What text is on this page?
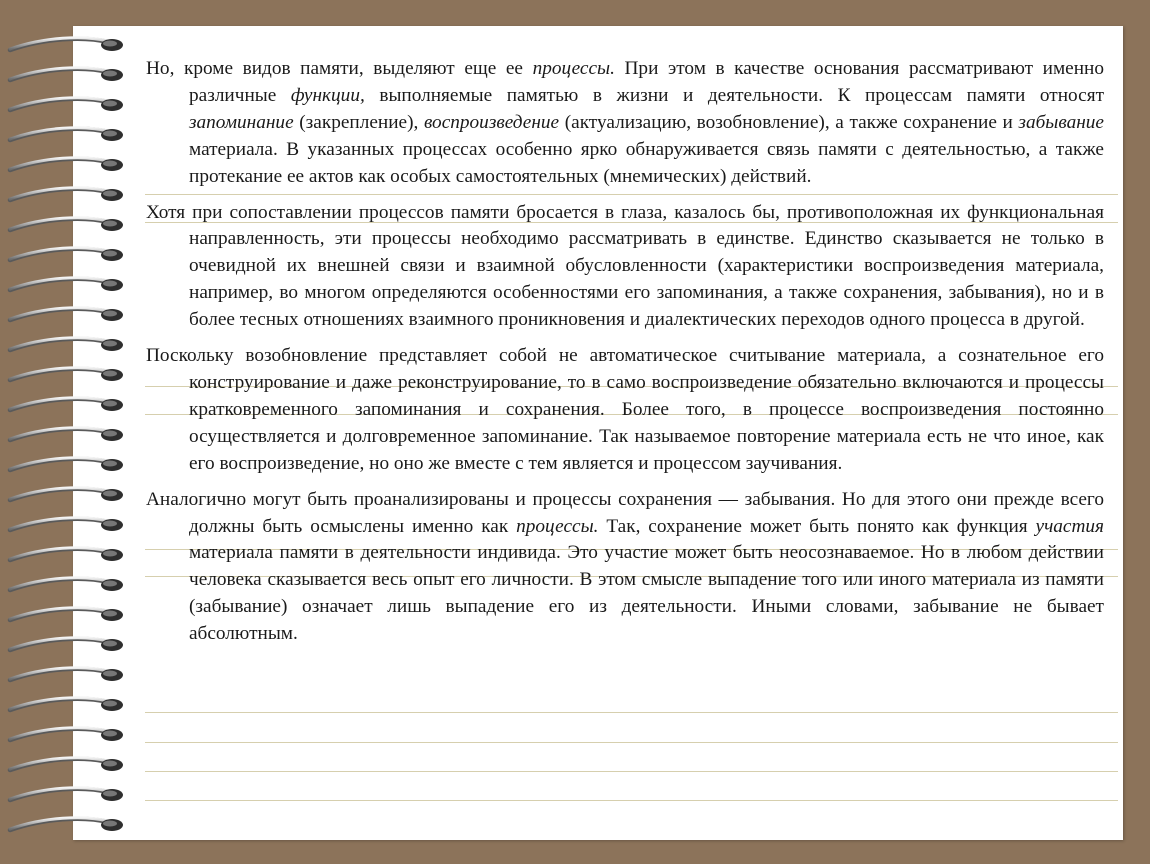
Но, кроме видов памяти, выделяют еще ее процессы. При этом в качестве основания рассматривают именно различные функции, выполняемые памятью в жизни и деятельности. К процессам памяти относят запоминание (закрепление), воспроизведение (актуализацию, возобновление), а также сохранение и забывание материала. В указанных процессах особенно ярко обнаруживается связь памяти с деятельностью, а также протекание ее актов как особых самостоятельных (мнемических) действий.

Хотя при сопоставлении процессов памяти бросается в глаза, казалось бы, противоположная их функциональная направленность, эти процессы необходимо рассматривать в единстве. Единство сказывается не только в очевидной их внешней связи и взаимной обусловленности (характеристики воспроизведения материала, например, во многом определяются особенностями его запоминания, а также сохранения, забывания), но и в более тесных отношениях взаимного проникновения и диалектических переходов одного процесса в другой.

Поскольку возобновление представляет собой не автоматическое считывание материала, а сознательное его конструирование и даже реконструирование, то в само воспроизведение обязательно включаются и процессы кратковременного запоминания и сохранения. Более того, в процессе воспроизведения постоянно осуществляется и долговременное запоминание. Так называемое повторение материала есть не что иное, как его воспроизведение, но оно же вместе с тем является и процессом заучивания.

Аналогично могут быть проанализированы и процессы сохранения — забывания. Но для этого они прежде всего должны быть осмыслены именно как процессы. Так, сохранение может быть понято как функция участия материала памяти в деятельности индивида. Это участие может быть неосознаваемое. Но в любом действии человека сказывается весь опыт его личности. В этом смысле выпадение того или иного материала из памяти (забывание) означает лишь выпадение его из деятельности. Иными словами, забывание не бывает абсолютным.
